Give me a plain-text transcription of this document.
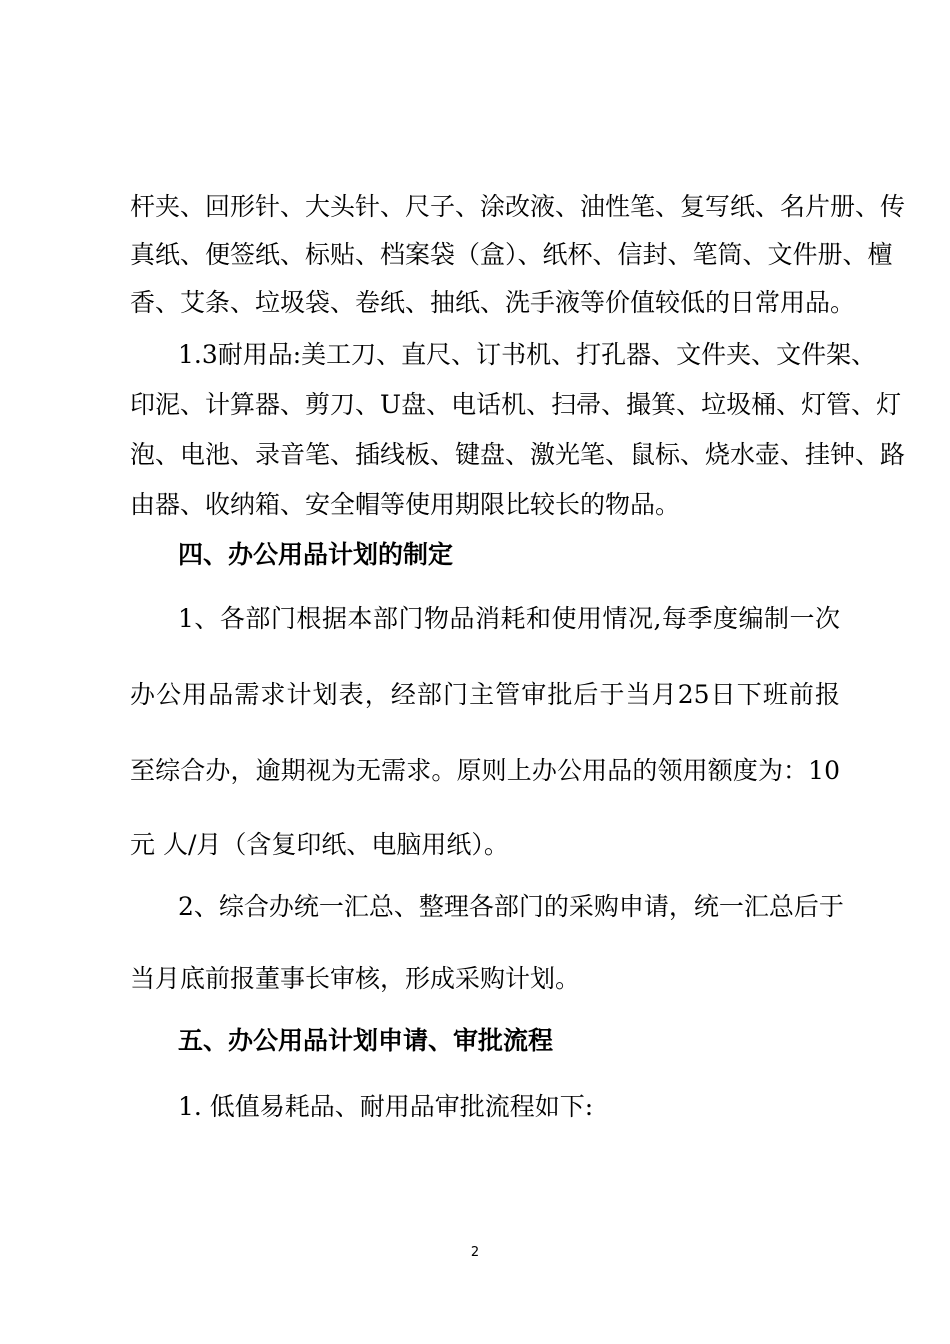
杆夹、回形针、大头针、尺子、涂改液、油性笔、复写纸、名片册、传
真纸、便签纸、标贴、档案袋（盒）、纸杯、信封、笔筒、文件册、檀
香、艾条、垃圾袋、卷纸、抽纸、洗手液等价值较低的日常用品。
1.3耐用品:美工刀、直尺、订书机、打孔器、文件夹、文件架、
印泥、计算器、剪刀、U盘、电话机、扫帚、撮箕、垃圾桶、灯管、灯
泡、电池、录音笔、插线板、键盘、激光笔、鼠标、烧水壶、挂钟、路
由器、收纳箱、安全帽等使用期限比较长的物品。
四、办公用品计划的制定
1、各部门根据本部门物品消耗和使用情况,每季度编制一次
办公用品需求计划表，经部门主管审批后于当月25日下班前报
至综合办，逾期视为无需求。原则上办公用品的领用额度为：10
元 人/月（含复印纸、电脑用纸）。
2、综合办统一汇总、整理各部门的采购申请，统一汇总后于
当月底前报董事长审核，形成采购计划。
五、办公用品计划申请、审批流程
1. 低值易耗品、耐用品审批流程如下:
2
